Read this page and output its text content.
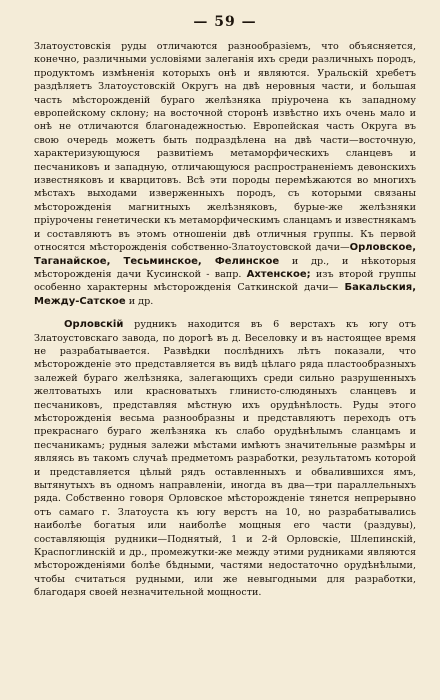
— 59 —

Златоустовскія руды отличаются разнообразіемъ, что объясняется, конечно, различными условіями залеганія ихъ среди различныхъ породъ, продуктомъ измѣненія которыхъ онѣ и являются. Уральскій хребетъ раздѣляетъ Златоустовскій Округъ на двѣ неровныя части, и большая часть мѣсторожденій бураго желѣзняка пріурочена къ западному европейскому склону; на восточной сторонѣ извѣстно ихъ очень мало и онѣ не отличаются благонадежностью. Европейская часть Округа въ свою очередь можетъ быть подраздѣлена на двѣ части—восточную, характеризующуюся развитіемъ метаморфическихъ сланцевъ и песчаниковъ и западную, отличающуюся распространеніемъ девонскихъ известняковъ и кварцитовъ. Всѣ эти породы перемѣжаются во многихъ мѣстахъ выходами изверженныхъ породъ, съ которыми связаны мѣсторожденія магнитныхъ желѣзняковъ, бурые-же желѣзняки пріурочены генетически къ метаморфическимъ сланцамъ и известнякамъ и составляютъ въ этомъ отношеніи двѣ отличныя группы. Къ первой относятся мѣсторожденія собственно-Златоустовской дачи—Орловское, Таганайское, Тесьминское, Фелинское и др., и нѣкоторыя мѣсторожденія дачи Кусинской - вапр. Ахтенское; изъ второй группы особенно характерны мѣсторожденія Саткинской дачи— Бакальския, Между-Сатское и др.

Орловскій рудникъ находится въ 6 верстахъ къ югу отъ Златоустовскаго завода, по дорогѣ въ д. Веселовку и въ настоящее время не разрабатывается. Развѣдки послѣднихъ лѣтъ показали, что мѣсторожденіе это представляется въ видѣ цѣлаго ряда пластообразныхъ залежей бураго желѣзняка, залегающихъ среди сильно разрушенныхъ желтоватыхъ или красноватыхъ глинисто-слюдяныхъ сланцевъ и песчаниковъ, представляя мѣстную ихъ орудѣнѣлость. Руды этого мѣсторожденія весьма разнообразны и представляютъ переходъ отъ прекраснаго бураго желѣзняка къ слабо орудѣнѣлымъ сланцамъ и песчаникамъ; рудныя залежи мѣстами имѣютъ значительные размѣры и являясь въ такомъ случаѣ предметомъ разработки, результатомъ которой и представляется цѣлый рядъ оставленныхъ и обвалившихся ямъ, вытянутыхъ въ одномъ направленіи, иногда въ два—три параллельныхъ ряда. Собственно говоря Орловское мѣсторожденіе тянется непрерывно отъ самаго г. Златоуста къ югу верстъ на 10, но разрабатывались наиболѣе богатыя или наиболѣе мощныя его части (раздувы), составляющія рудники—Поднятый, 1 и 2-й Орловскіе, Шлепинскій, Краспоглинскій и др., промежутки-же между этими рудниками являются мѣсторожденіями болѣе бѣдными, частями недостаточно орудѣнѣлыми, чтобы считаться рудными, или же невыгодными для разработки, благодаря своей незначительной мощности.
